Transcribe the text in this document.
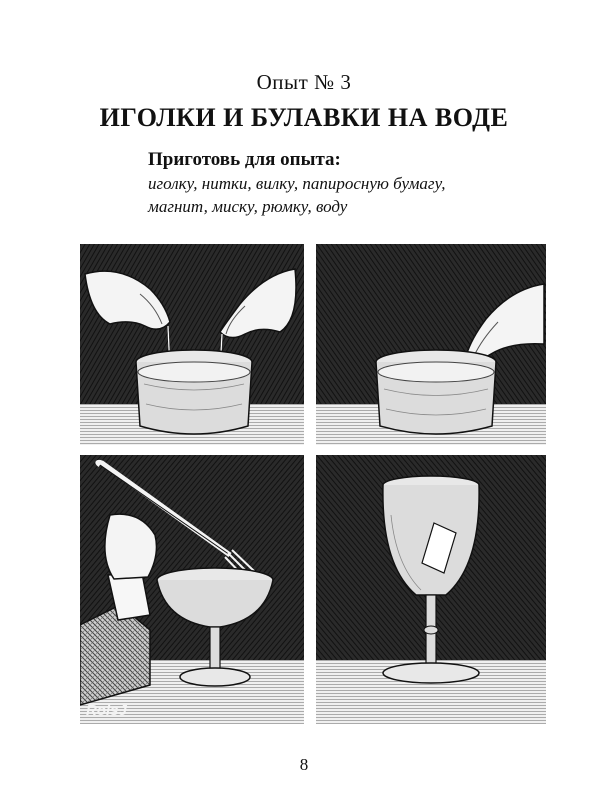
Опыт № 3
ИГОЛКИ И БУЛАВКИ НА ВОДЕ
Приготовь для опыта:
иголку, нитки, вилку, папиросную бумагу,
магнит, миску, рюмку, воду
RolsJ
8
